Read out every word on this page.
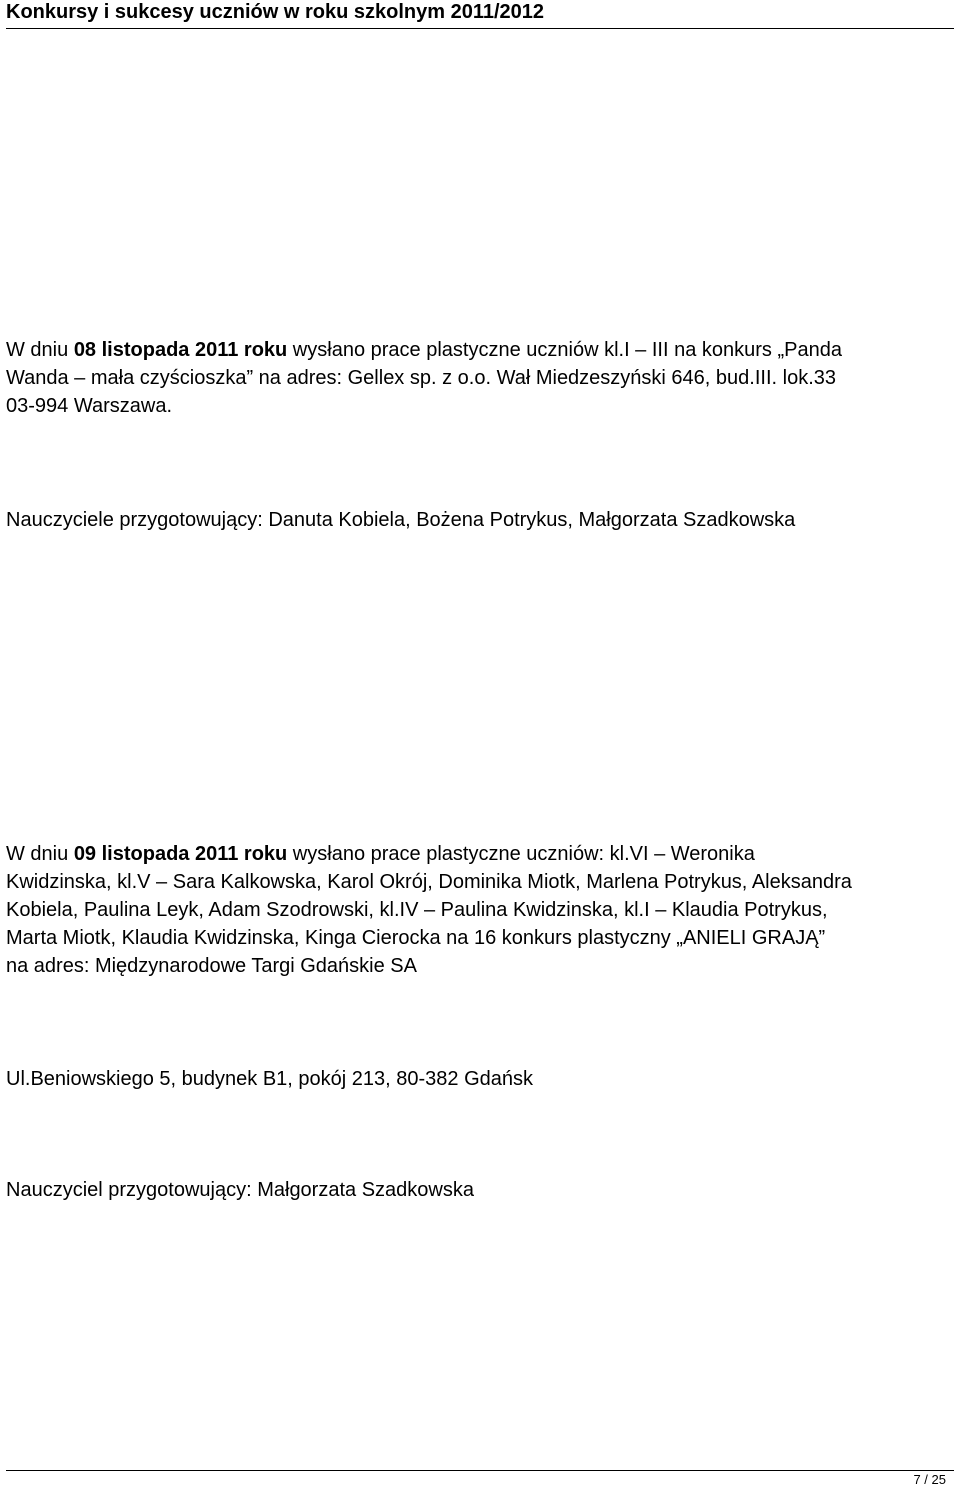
Konkursy i sukcesy uczniów w roku szkolnym 2011/2012

W dniu 08 listopada 2011 roku wysłano prace plastyczne uczniów kl.I – III na konkurs „Panda
Wanda – mała czyścioszka” na adres: Gellex sp. z o.o. Wał Miedzeszyński 646, bud.III. lok.33
03-994 Warszawa.

Nauczyciele przygotowujący: Danuta Kobiela, Bożena Potrykus, Małgorzata Szadkowska

W dniu 09 listopada 2011 roku wysłano prace plastyczne uczniów: kl.VI – Weronika
Kwidzinska, kl.V – Sara Kalkowska, Karol Okrój, Dominika Miotk, Marlena Potrykus, Aleksandra
Kobiela, Paulina Leyk, Adam Szodrowski, kl.IV – Paulina Kwidzinska, kl.I – Klaudia Potrykus,
Marta Miotk, Klaudia Kwidzinska, Kinga Cierocka na 16 konkurs plastyczny „ANIELI GRAJĄ”
na adres: Międzynarodowe Targi Gdańskie SA

Ul.Beniowskiego 5, budynek B1, pokój 213, 80-382 Gdańsk

Nauczyciel przygotowujący: Małgorzata Szadkowska

7 / 25
